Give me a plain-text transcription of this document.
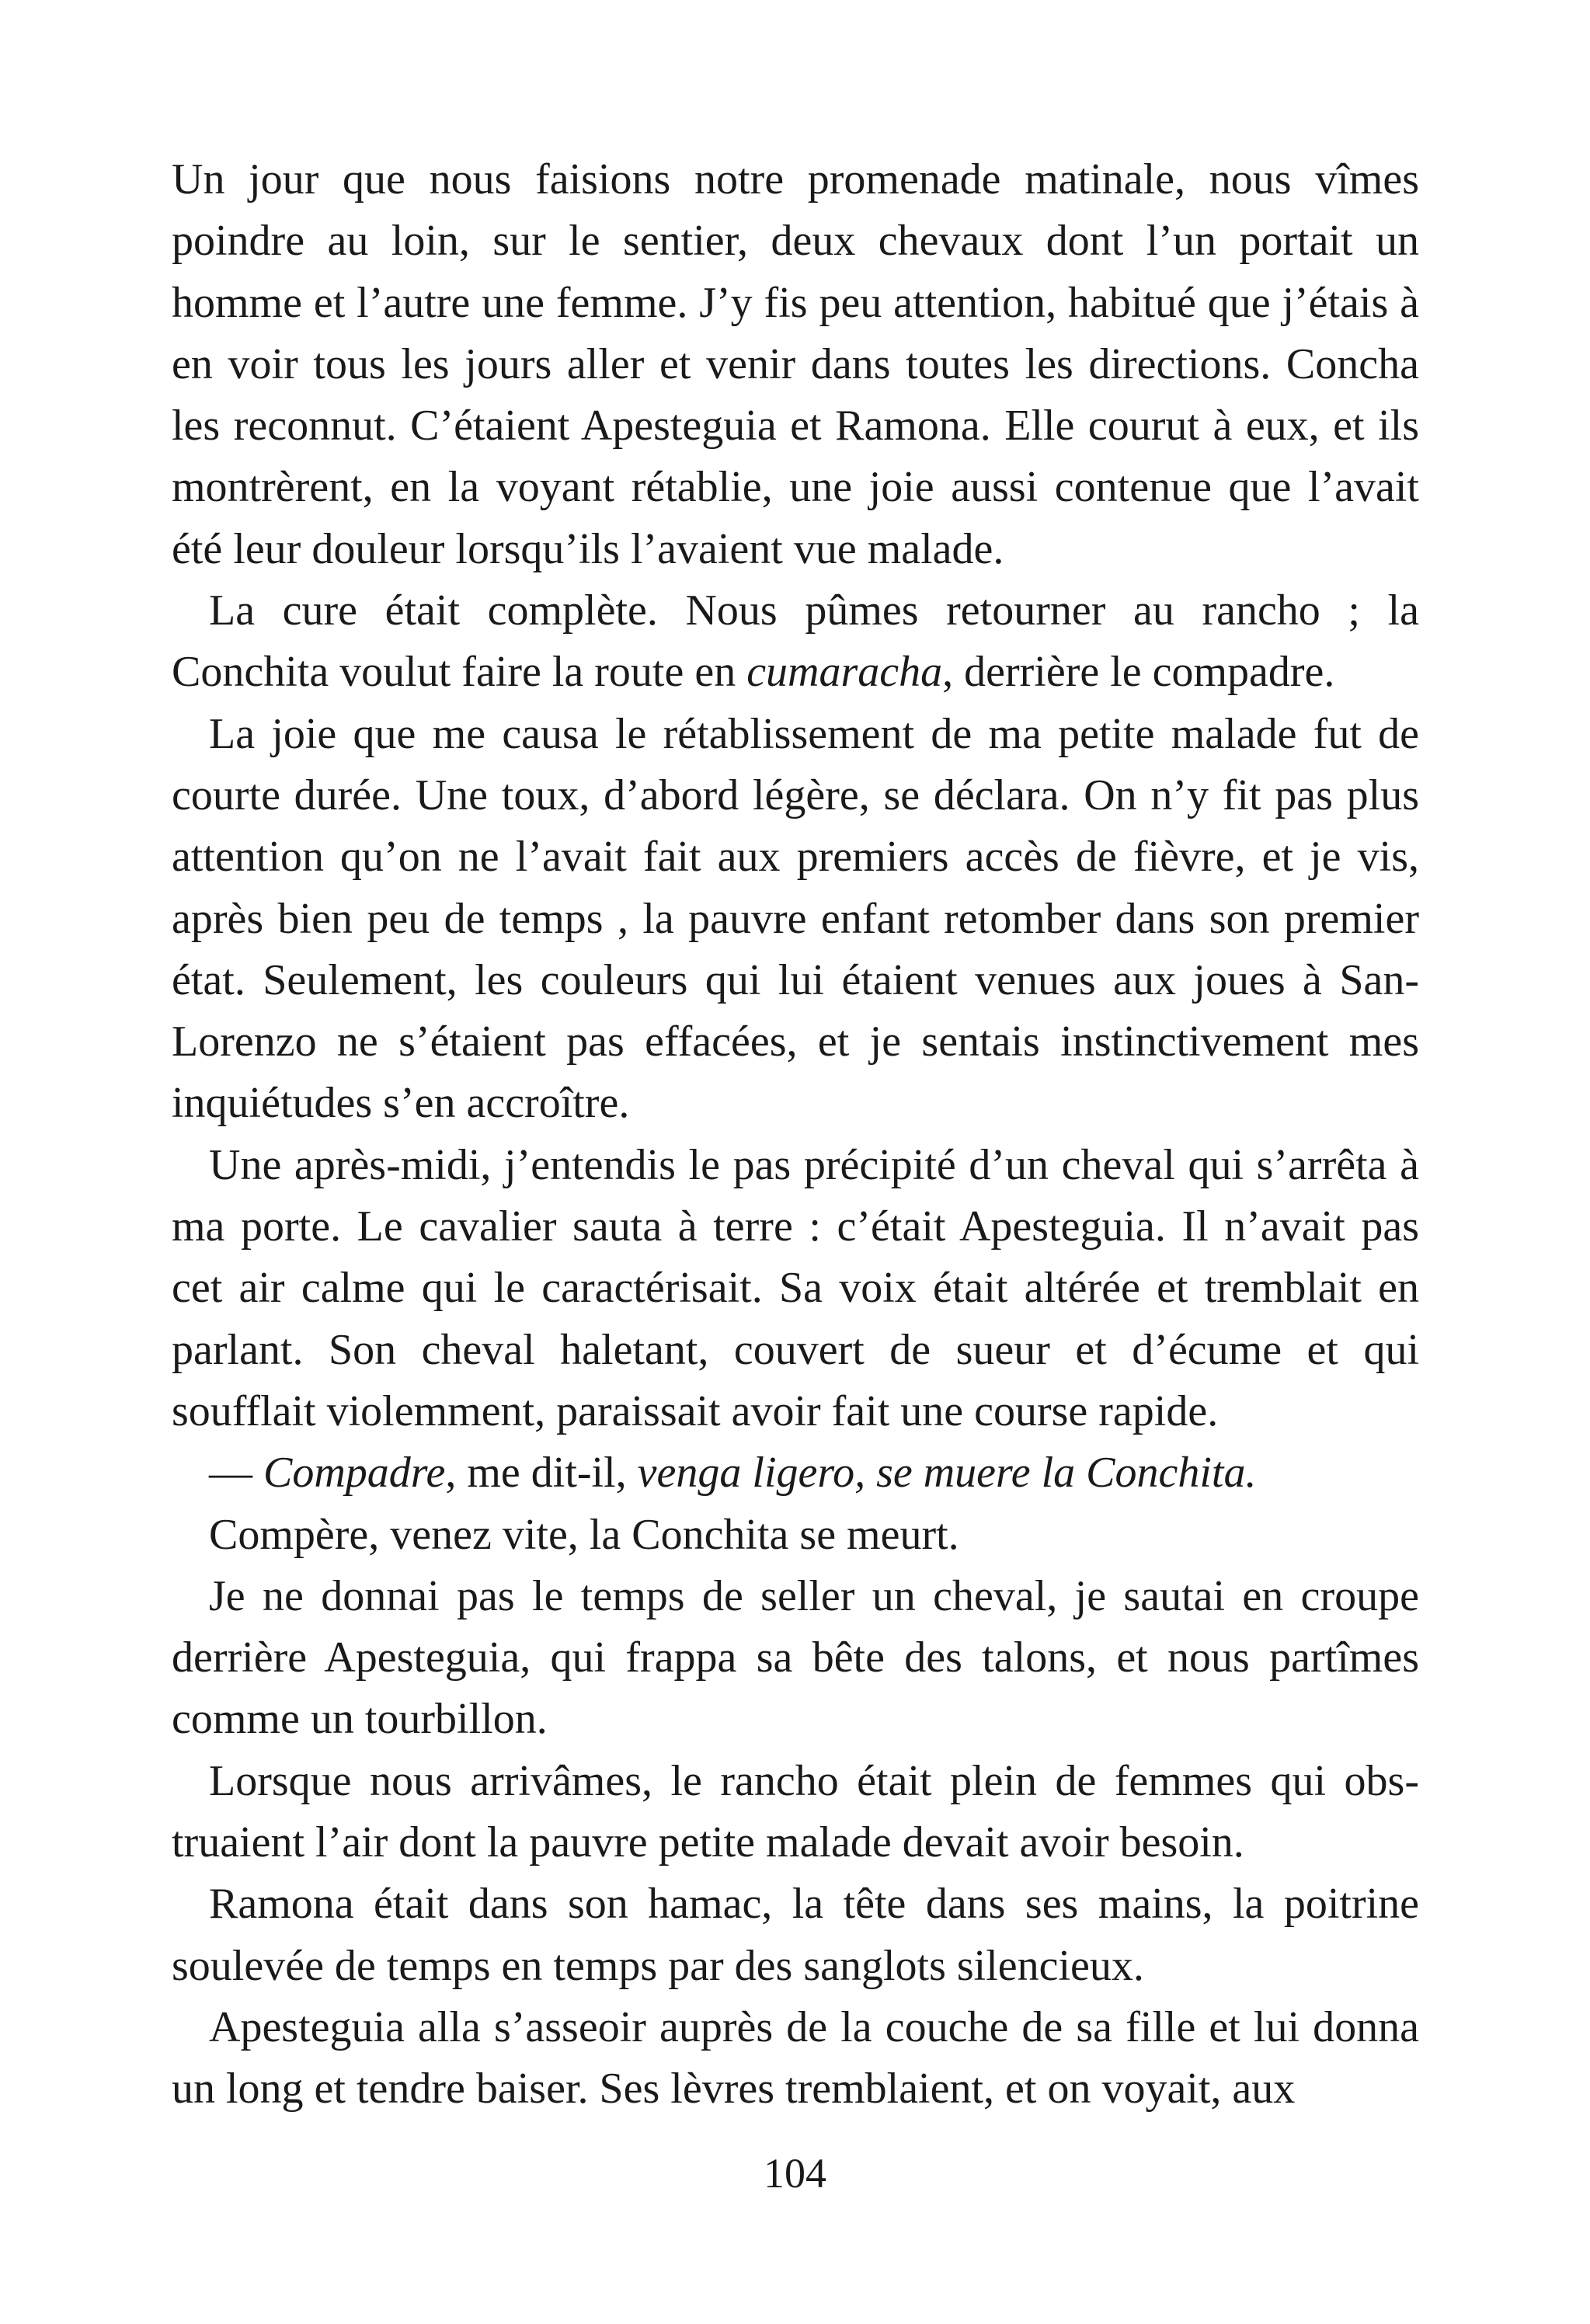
Un jour que nous faisions notre promenade matinale, nous vîmes poindre au loin, sur le sentier, deux chevaux dont l’un portait un homme et l’autre une femme. J’y fis peu attention, habitué que j’étais à en voir tous les jours aller et venir dans toutes les directions. Concha les reconnut. C’étaient Apesteguia et Ramona. Elle courut à eux, et ils montrèrent, en la voyant rétablie, une joie aussi contenue que l’avait été leur douleur lorsqu’ils l’avaient vue malade.

La cure était complète. Nous pûmes retourner au rancho ; la Conchita voulut faire la route en cumaracha, derrière le compadre.

La joie que me causa le rétablissement de ma petite malade fut de courte durée. Une toux, d’abord légère, se déclara. On n’y fit pas plus attention qu’on ne l’avait fait aux premiers accès de fièvre, et je vis, après bien peu de temps , la pauvre enfant retomber dans son premier état. Seulement, les couleurs qui lui étaient venues aux joues à San-Lorenzo ne s’étaient pas effacées, et je sentais instinctivement mes inquiétudes s’en accroître.

Une après-midi, j’entendis le pas précipité d’un cheval qui s’arrêta à ma porte. Le cavalier sauta à terre : c’était Apesteguia. Il n’avait pas cet air calme qui le caractérisait. Sa voix était altérée et tremblait en parlant. Son cheval haletant, couvert de sueur et d’écume et qui soufflait violemment, paraissait avoir fait une course rapide.

— Compadre, me dit-il, venga ligero, se muere la Conchita.

Compère, venez vite, la Conchita se meurt.

Je ne donnai pas le temps de seller un cheval, je sautai en croupe derrière Apesteguia, qui frappa sa bête des talons, et nous partîmes comme un tourbillon.

Lorsque nous arrivâmes, le rancho était plein de femmes qui obstruaient l’air dont la pauvre petite malade devait avoir besoin.

Ramona était dans son hamac, la tête dans ses mains, la poitrine soulevée de temps en temps par des sanglots silencieux.

Apesteguia alla s’asseoir auprès de la couche de sa fille et lui donna un long et tendre baiser. Ses lèvres tremblaient, et on voyait, aux

104
